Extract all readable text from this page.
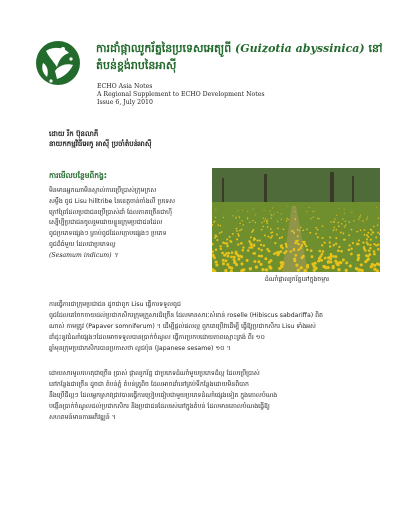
ការដាំផ្កាឈូករ័ត្ននៃប្រទេសអេត្យូពី (Guizotia abyssinica) នៅ
តំបន់ខ្ពង់រាបនៃអាស៊ី
ECHO Asia Notes
A Regional Supplement to ECHO Development Notes
Issue 6, July 2010
ដោយ រីក ប៊ុនលាភី
នាយកកម្មវិធីអេកូ អាស៊ី ប្រចាំតំបន់អាស៊ី
ការមើលបន្ថែមពីកង្វះ
មិនមានអ្នកណាមិនស្គាល់ការប្រើប្រាស់ក្រុមក្រស
សម្លឹង ពូជ Lisu hilltribe នៃខេត្តចាន់ចាំងលី ប្រទេស
ក្រៅព្រៃដែលប្រជាជនប្រើប្រាស់ដាំ ដែលភាគច្រើនជាហ៊ី
ស្បើប្បីប្រជាជនចូលរួមដោយខ្លួនក្រុមប្រជាជនដែល
ពូជប្រភេទផ្សេងៗ គ្រាប់ពូជដែលក្តោបផ្សេងៗ ប្រភេទ
ពូជដ៏ធំមួយ ដែលជាប្រភេទល្ង
(Sesamum indicum) ។
ដំណាំផ្កាឈូករ័ត្ននៅក្នុងចម្ការ
ការធ្វើការជាក្រុមប្រជាជន ដូចជាពួក Lisu ធ្វើការទទួលពូជ
ពូជដែលគេចែកចាយដល់ប្រជាកសិករក្រុមក្រួសារដ៏ច្រើន ដែលមានសារៈសំខាន់ roselle (Hibiscus sabdariffa) ពិត
ណាស់ កាមត្រូវ (Papaver somniferum) ។ ដើម្បីផ្តល់ផលល្អ ពួកគេប្រើវាដើម្បី ធ្វើឱ្យប្រជាកសិករ Lisu ទាំងអស់
ដាំដុះនូវដំណាំផ្សេងៗដែលអាចទទួលបានប្រាក់ចំណូល ធ្វើការប្រកបដោយភាពស្មោះត្រង់ ពីរ ១០
ឆ្នាំមុនក្រុមប្រជាកសិករបានប្រកាសថា ល្ងជប៉ុន (Japanese sesame) ១០ ។
ដោយសារមូលហេតុជាច្រើន ប្រាស់ ផ្កាឈូករ័ត្ន ជាប្រភេទដំណាំមួយប្រភេទដ៏ល្អ ដែលប្រើប្រាស់
នៅកន្លែងជាច្រើន ដូចជា តំបន់ភ្នំ តំបន់ត្រូពិច ដែលអាចដាំនៅគ្រប់ទីកន្លែងដោយមិនពិបាក
នឹងប្រើដីល្អៗ ដែលអ្នកស្រាវជ្រាវបានធ្វើការប្រៀបធៀបជាមួយប្រភេទដំណាំផ្សេងទៀត ក្នុងគោលបំណង
បង្កើនប្រាក់ចំណូលដល់ប្រជាកសិករ និងប្រជាជនដែលរស់នៅក្នុងតំបន់ ដែលមានគោលបំណងធ្វើឱ្យ
សហគមន៍មានការអភិវឌ្ឍន៍ ។
